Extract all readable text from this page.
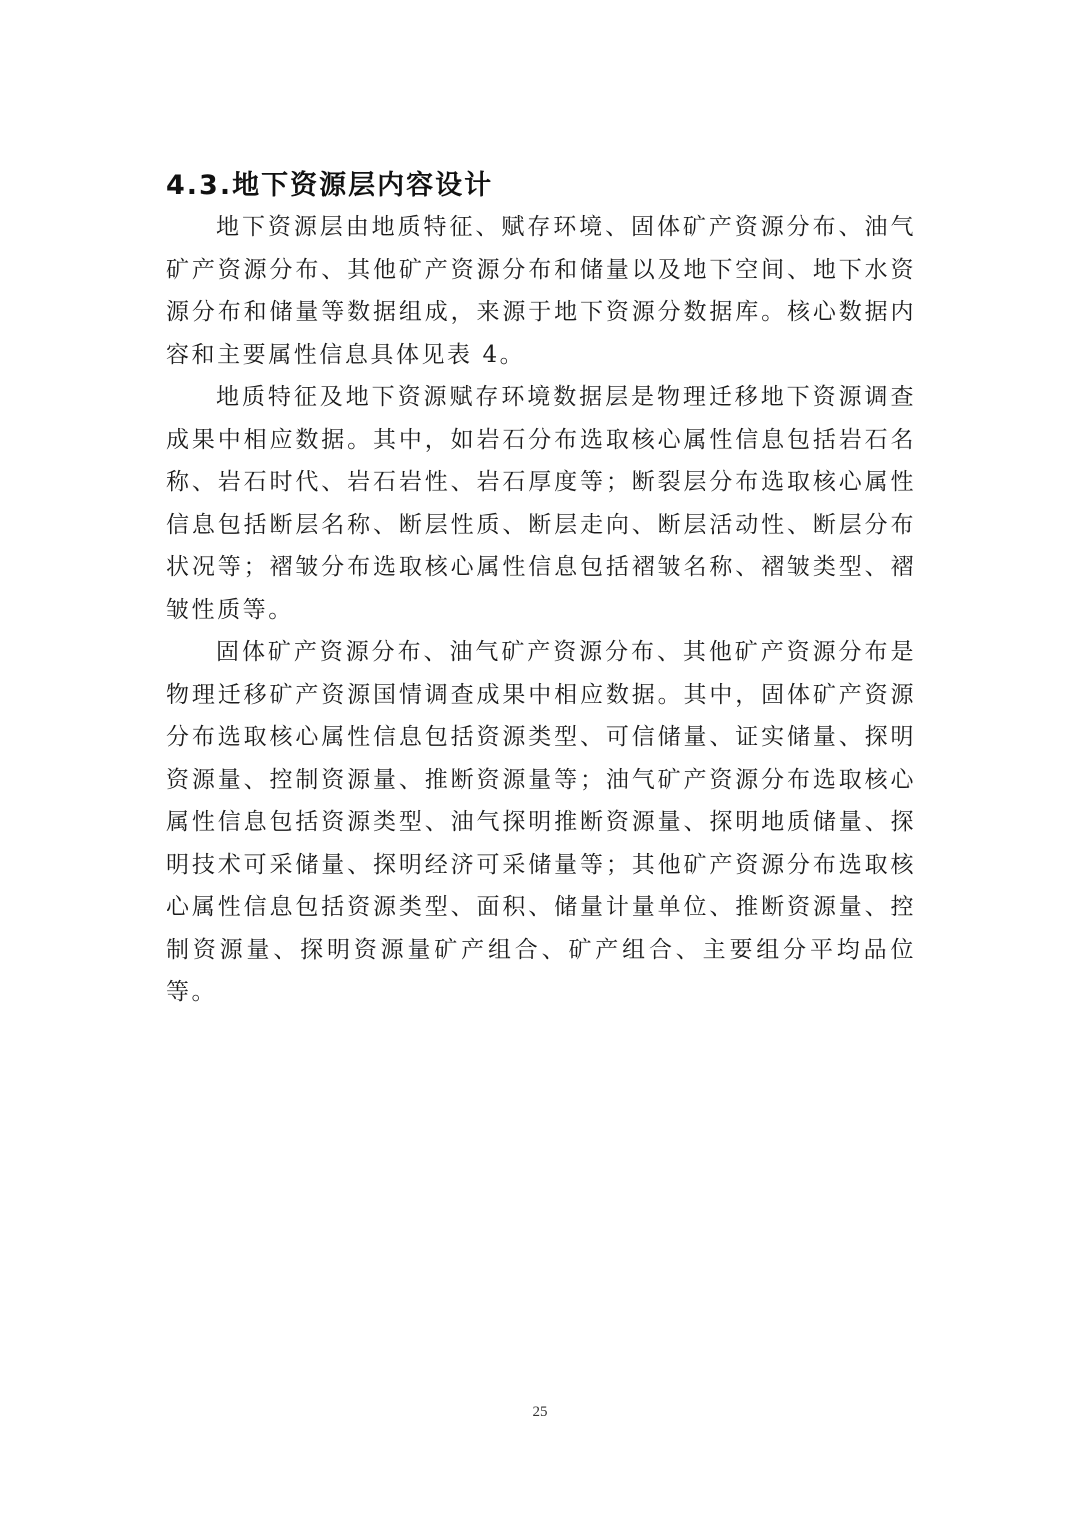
4.3.地下资源层内容设计

地下资源层由地质特征、赋存环境、固体矿产资源分布、油气矿产资源分布、其他矿产资源分布和储量以及地下空间、地下水资源分布和储量等数据组成，来源于地下资源分数据库。核心数据内容和主要属性信息具体见表 4。

地质特征及地下资源赋存环境数据层是物理迁移地下资源调查成果中相应数据。其中，如岩石分布选取核心属性信息包括岩石名称、岩石时代、岩石岩性、岩石厚度等；断裂层分布选取核心属性信息包括断层名称、断层性质、断层走向、断层活动性、断层分布状况等；褶皱分布选取核心属性信息包括褶皱名称、褶皱类型、褶皱性质等。

固体矿产资源分布、油气矿产资源分布、其他矿产资源分布是物理迁移矿产资源国情调查成果中相应数据。其中，固体矿产资源分布选取核心属性信息包括资源类型、可信储量、证实储量、探明资源量、控制资源量、推断资源量等；油气矿产资源分布选取核心属性信息包括资源类型、油气探明推断资源量、探明地质储量、探明技术可采储量、探明经济可采储量等；其他矿产资源分布选取核心属性信息包括资源类型、面积、储量计量单位、推断资源量、控制资源量、探明资源量矿产组合、矿产组合、主要组分平均品位等。

25
